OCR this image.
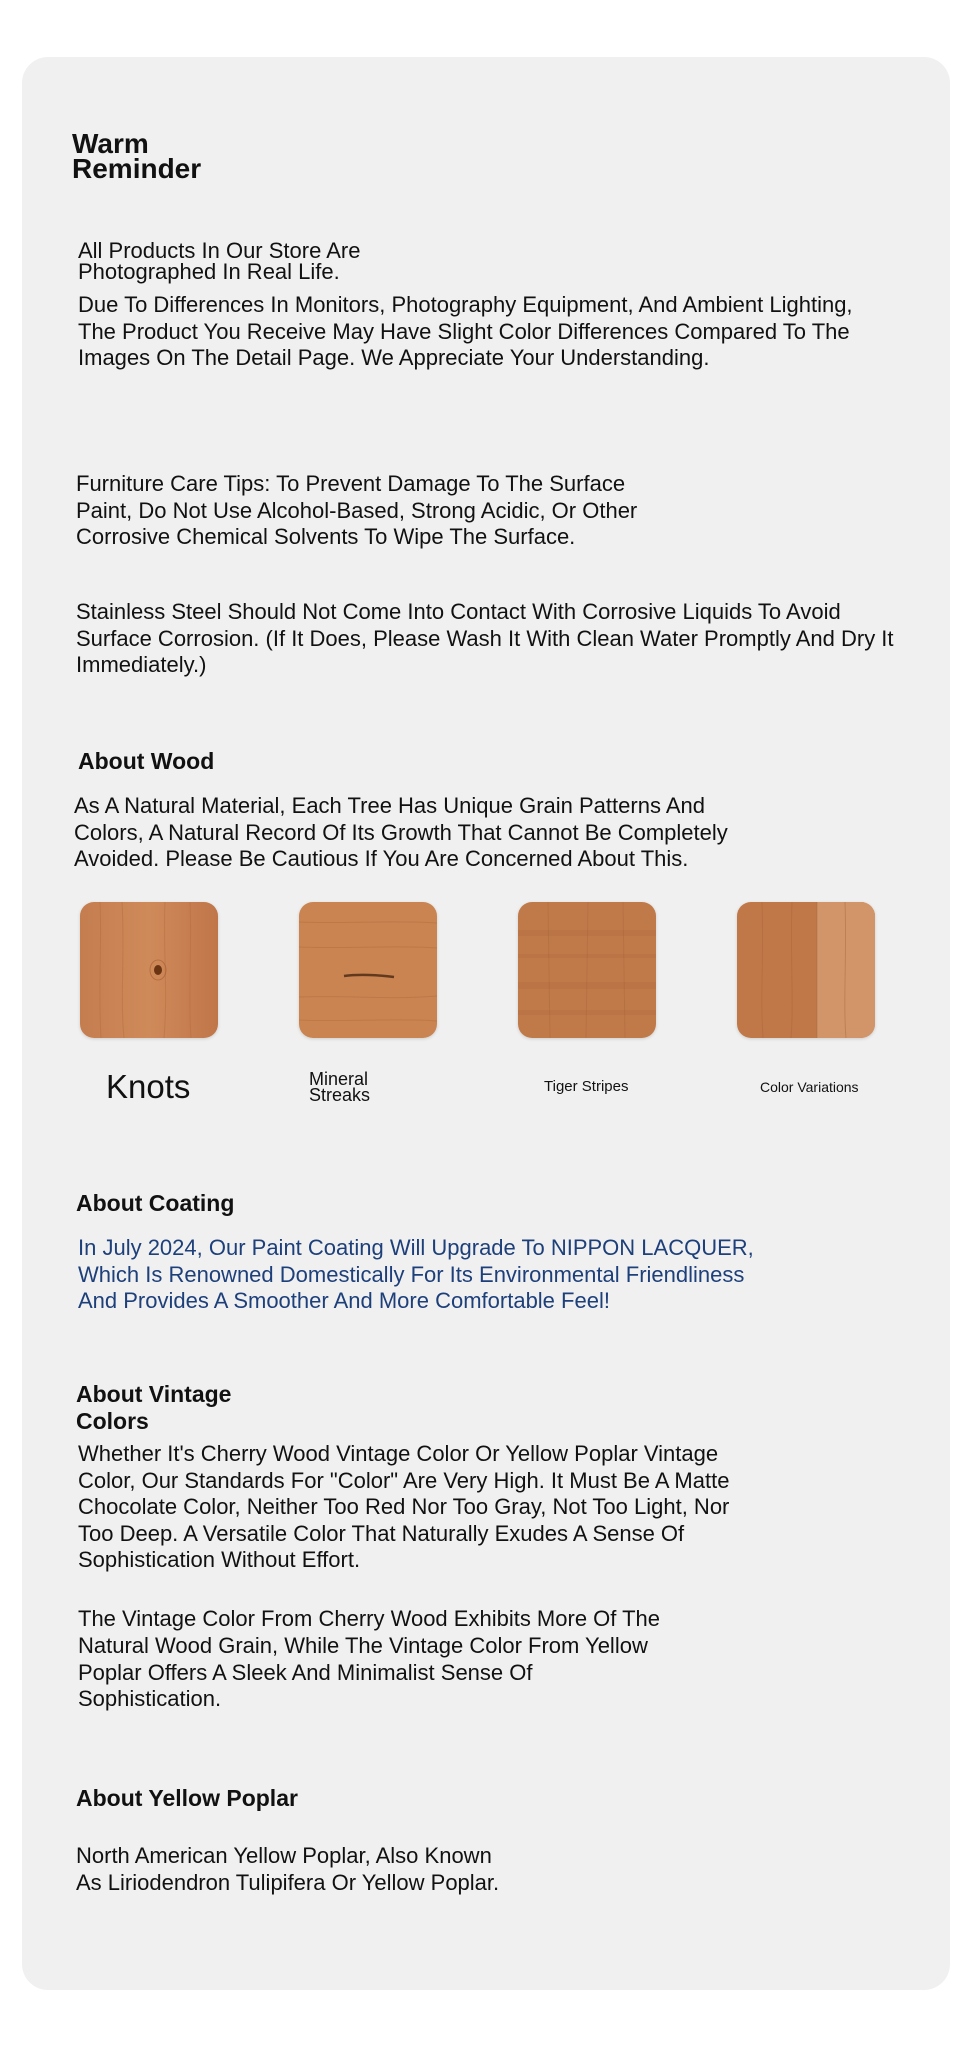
Warm
Reminder

All Products In Our Store Are
Photographed In Real Life.

Due To Differences In Monitors, Photography Equipment, And Ambient Lighting,
The Product You Receive May Have Slight Color Differences Compared To The
Images On The Detail Page. We Appreciate Your Understanding.

Furniture Care Tips: To Prevent Damage To The Surface
Paint, Do Not Use Alcohol-Based, Strong Acidic, Or Other
Corrosive Chemical Solvents To Wipe The Surface.

Stainless Steel Should Not Come Into Contact With Corrosive Liquids To Avoid
Surface Corrosion. (If It Does, Please Wash It With Clean Water Promptly And Dry It
Immediately.)

About Wood

As A Natural Material, Each Tree Has Unique Grain Patterns And
Colors, A Natural Record Of Its Growth That Cannot Be Completely
Avoided. Please Be Cautious If You Are Concerned About This.

Knots	Mineral
Streaks	Tiger Stripes	Color Variations
About Coating

In July 2024, Our Paint Coating Will Upgrade To NIPPON LACQUER,
Which Is Renowned Domestically For Its Environmental Friendliness
And Provides A Smoother And More Comfortable Feel!

About Vintage
Colors

Whether It's Cherry Wood Vintage Color Or Yellow Poplar Vintage
Color, Our Standards For "Color" Are Very High. It Must Be A Matte
Chocolate Color, Neither Too Red Nor Too Gray, Not Too Light, Nor
Too Deep. A Versatile Color That Naturally Exudes A Sense Of
Sophistication Without Effort.

The Vintage Color From Cherry Wood Exhibits More Of The
Natural Wood Grain, While The Vintage Color From Yellow
Poplar Offers A Sleek And Minimalist Sense Of
Sophistication.

About Yellow Poplar

North American Yellow Poplar, Also Known
As Liriodendron Tulipifera Or Yellow Poplar.
